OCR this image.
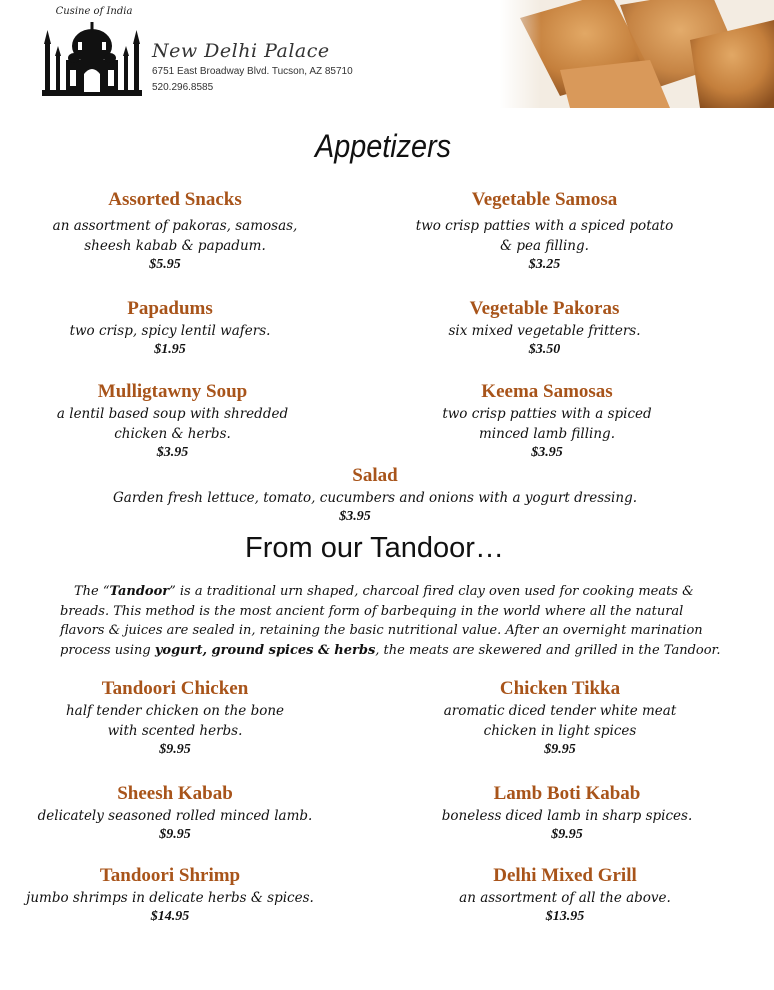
Cusine of India
New Delhi Palace
6751 East Broadway Blvd. Tucson, AZ 85710
520.296.8585
Appetizers
Assorted Snacks
an assortment of pakoras, samosas,
sheesh kabab & papadum.
$5.95
Vegetable Samosa
two crisp patties with a spiced potato
& pea filling.
$3.25
Papadums
two crisp, spicy lentil wafers.
$1.95
Vegetable Pakoras
six mixed vegetable fritters.
$3.50
Mulligtawny Soup
a lentil based soup with shredded
chicken & herbs.
$3.95
Keema Samosas
two crisp patties with a spiced
minced lamb filling.
$3.95
Salad
Garden fresh lettuce, tomato, cucumbers and onions with a yogurt dressing.
$3.95
From our Tandoor…
The “Tandoor” is a traditional urn shaped, charcoal fired clay oven used for cooking meats & breads. This method is the most ancient form of barbequing in the world where all the natural flavors & juices are sealed in, retaining the basic nutritional value. After an overnight marination process using yogurt, ground spices & herbs, the meats are skewered and grilled in the Tandoor.
Tandoori Chicken
half tender chicken on the bone
with scented herbs.
$9.95
Chicken Tikka
aromatic diced tender white meat
chicken in light spices
$9.95
Sheesh Kabab
delicately seasoned rolled minced lamb.
$9.95
Lamb Boti Kabab
boneless diced lamb in sharp spices.
$9.95
Tandoori Shrimp
jumbo shrimps in delicate herbs & spices.
$14.95
Delhi Mixed Grill
an assortment of all the above.
$13.95
